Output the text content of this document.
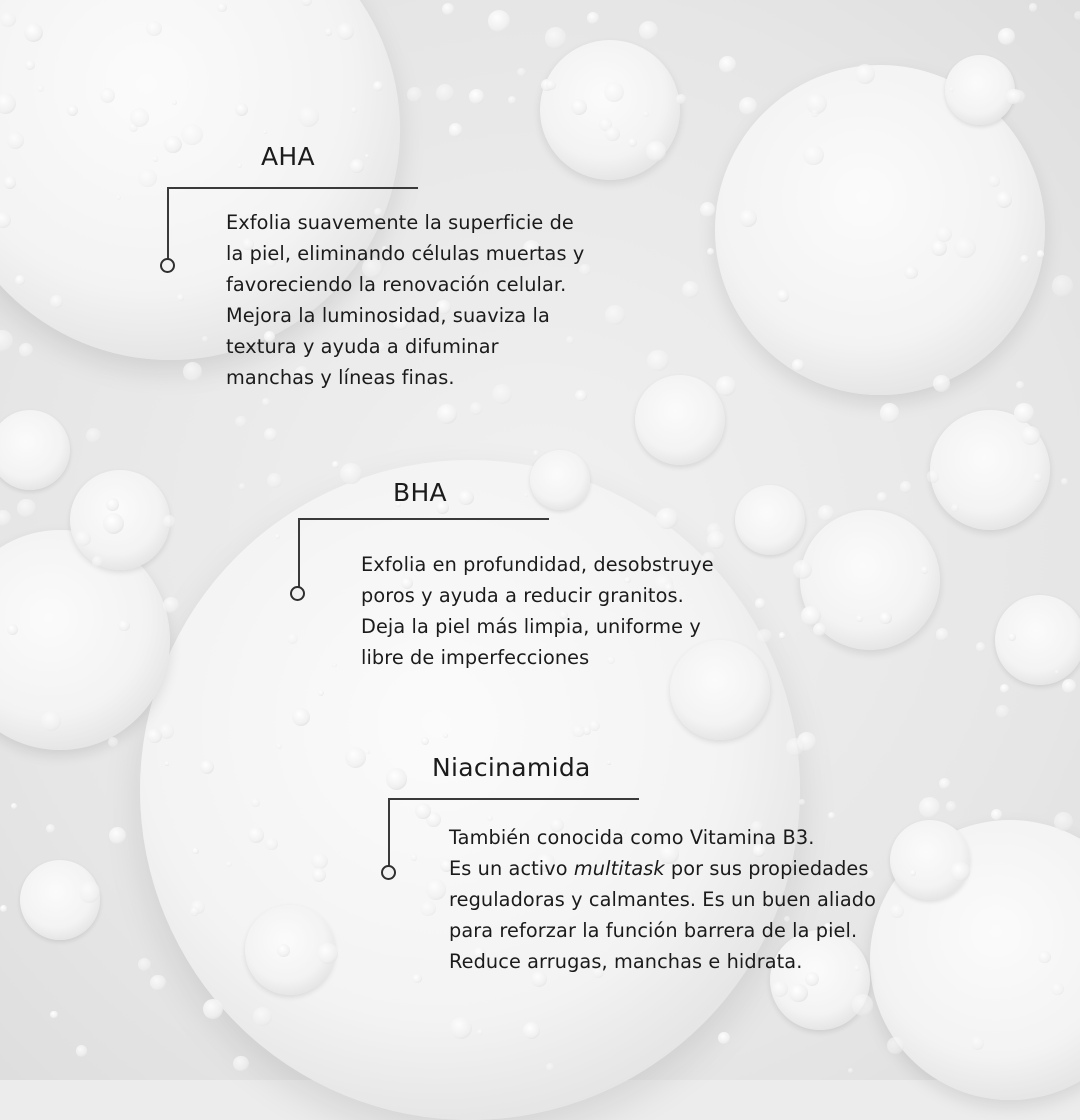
AHA
Exfolia suavemente la superficie de
la piel, eliminando células muertas y
favoreciendo la renovación celular.
Mejora la luminosidad, suaviza la
textura y ayuda a difuminar
manchas y líneas finas.
BHA
Exfolia en profundidad, desobstruye
poros y ayuda a reducir granitos.
Deja la piel más limpia, uniforme y
libre de imperfecciones
Niacinamida
También conocida como Vitamina B3.
Es un activo multitask por sus propiedades
reguladoras y calmantes. Es un buen aliado
para reforzar la función barrera de la piel.
Reduce arrugas, manchas e hidrata.
